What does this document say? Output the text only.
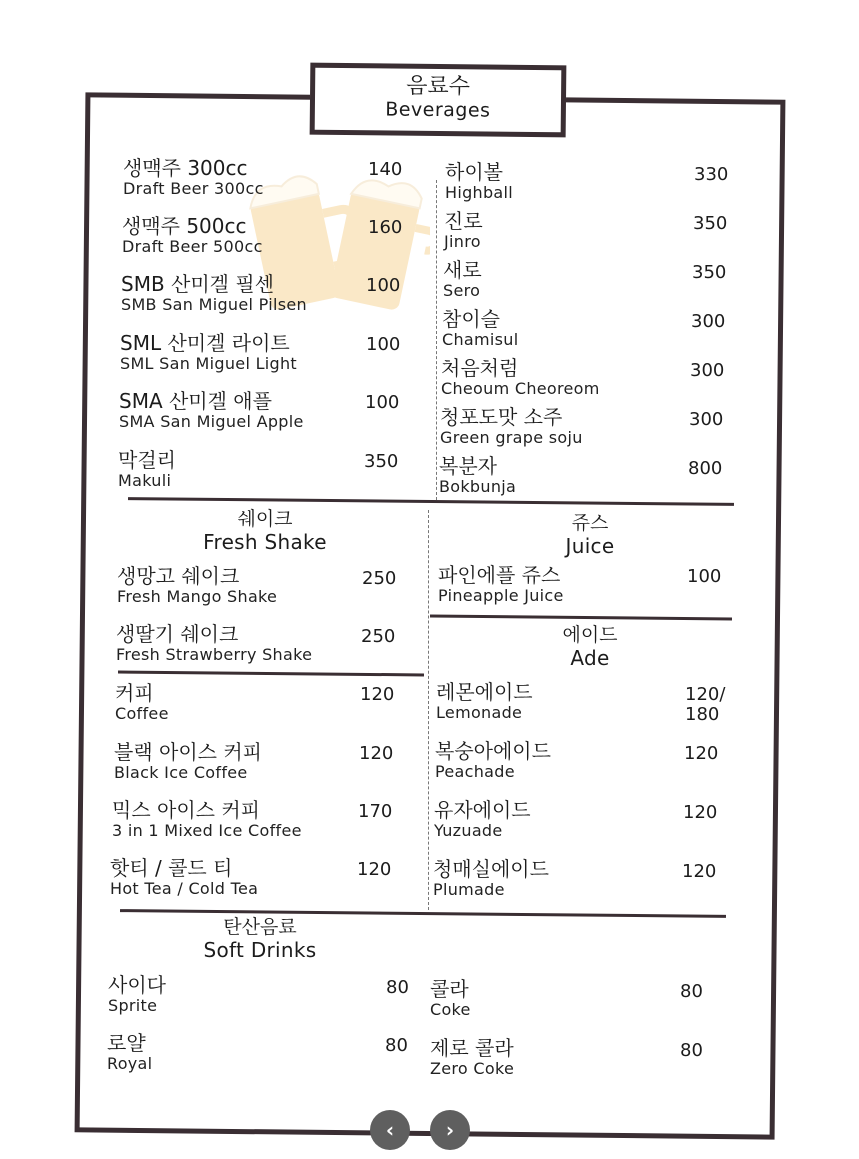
음료수
Beverages
생맥주 300cc
Draft Beer 300cc
140
생맥주 500cc
Draft Beer 500cc
160
SMB 산미겔 필센
SMB San Miguel Pilsen
100
SML 산미겔 라이트
SML San Miguel Light
100
SMA 산미겔 애플
SMA San Miguel Apple
100
막걸리
Makuli
350
하이볼
Highball
330
진로
Jinro
350
새로
Sero
350
참이슬
Chamisul
300
처음처럼
Cheoum Cheoreom
300
청포도맛 소주
Green grape soju
300
복분자
Bokbunja
800
쉐이크
Fresh Shake
생망고 쉐이크
Fresh Mango Shake
250
생딸기 쉐이크
Fresh Strawberry Shake
250
쥬스
Juice
파인에플 쥬스
Pineapple Juice
100
에이드
Ade
레몬에이드
Lemonade
120/
180
복숭아에이드
Peachade
120
유자에이드
Yuzuade
120
청매실에이드
Plumade
120
커피
Coffee
120
블랙 아이스 커피
Black Ice Coffee
120
믹스 아이스 커피
3 in 1 Mixed Ice Coffee
170
핫티 / 콜드 티
Hot Tea / Cold Tea
120
탄산음료
Soft Drinks
사이다
Sprite
80
로얄
Royal
80
콜라
Coke
80
제로 콜라
Zero Coke
80
‹	›
